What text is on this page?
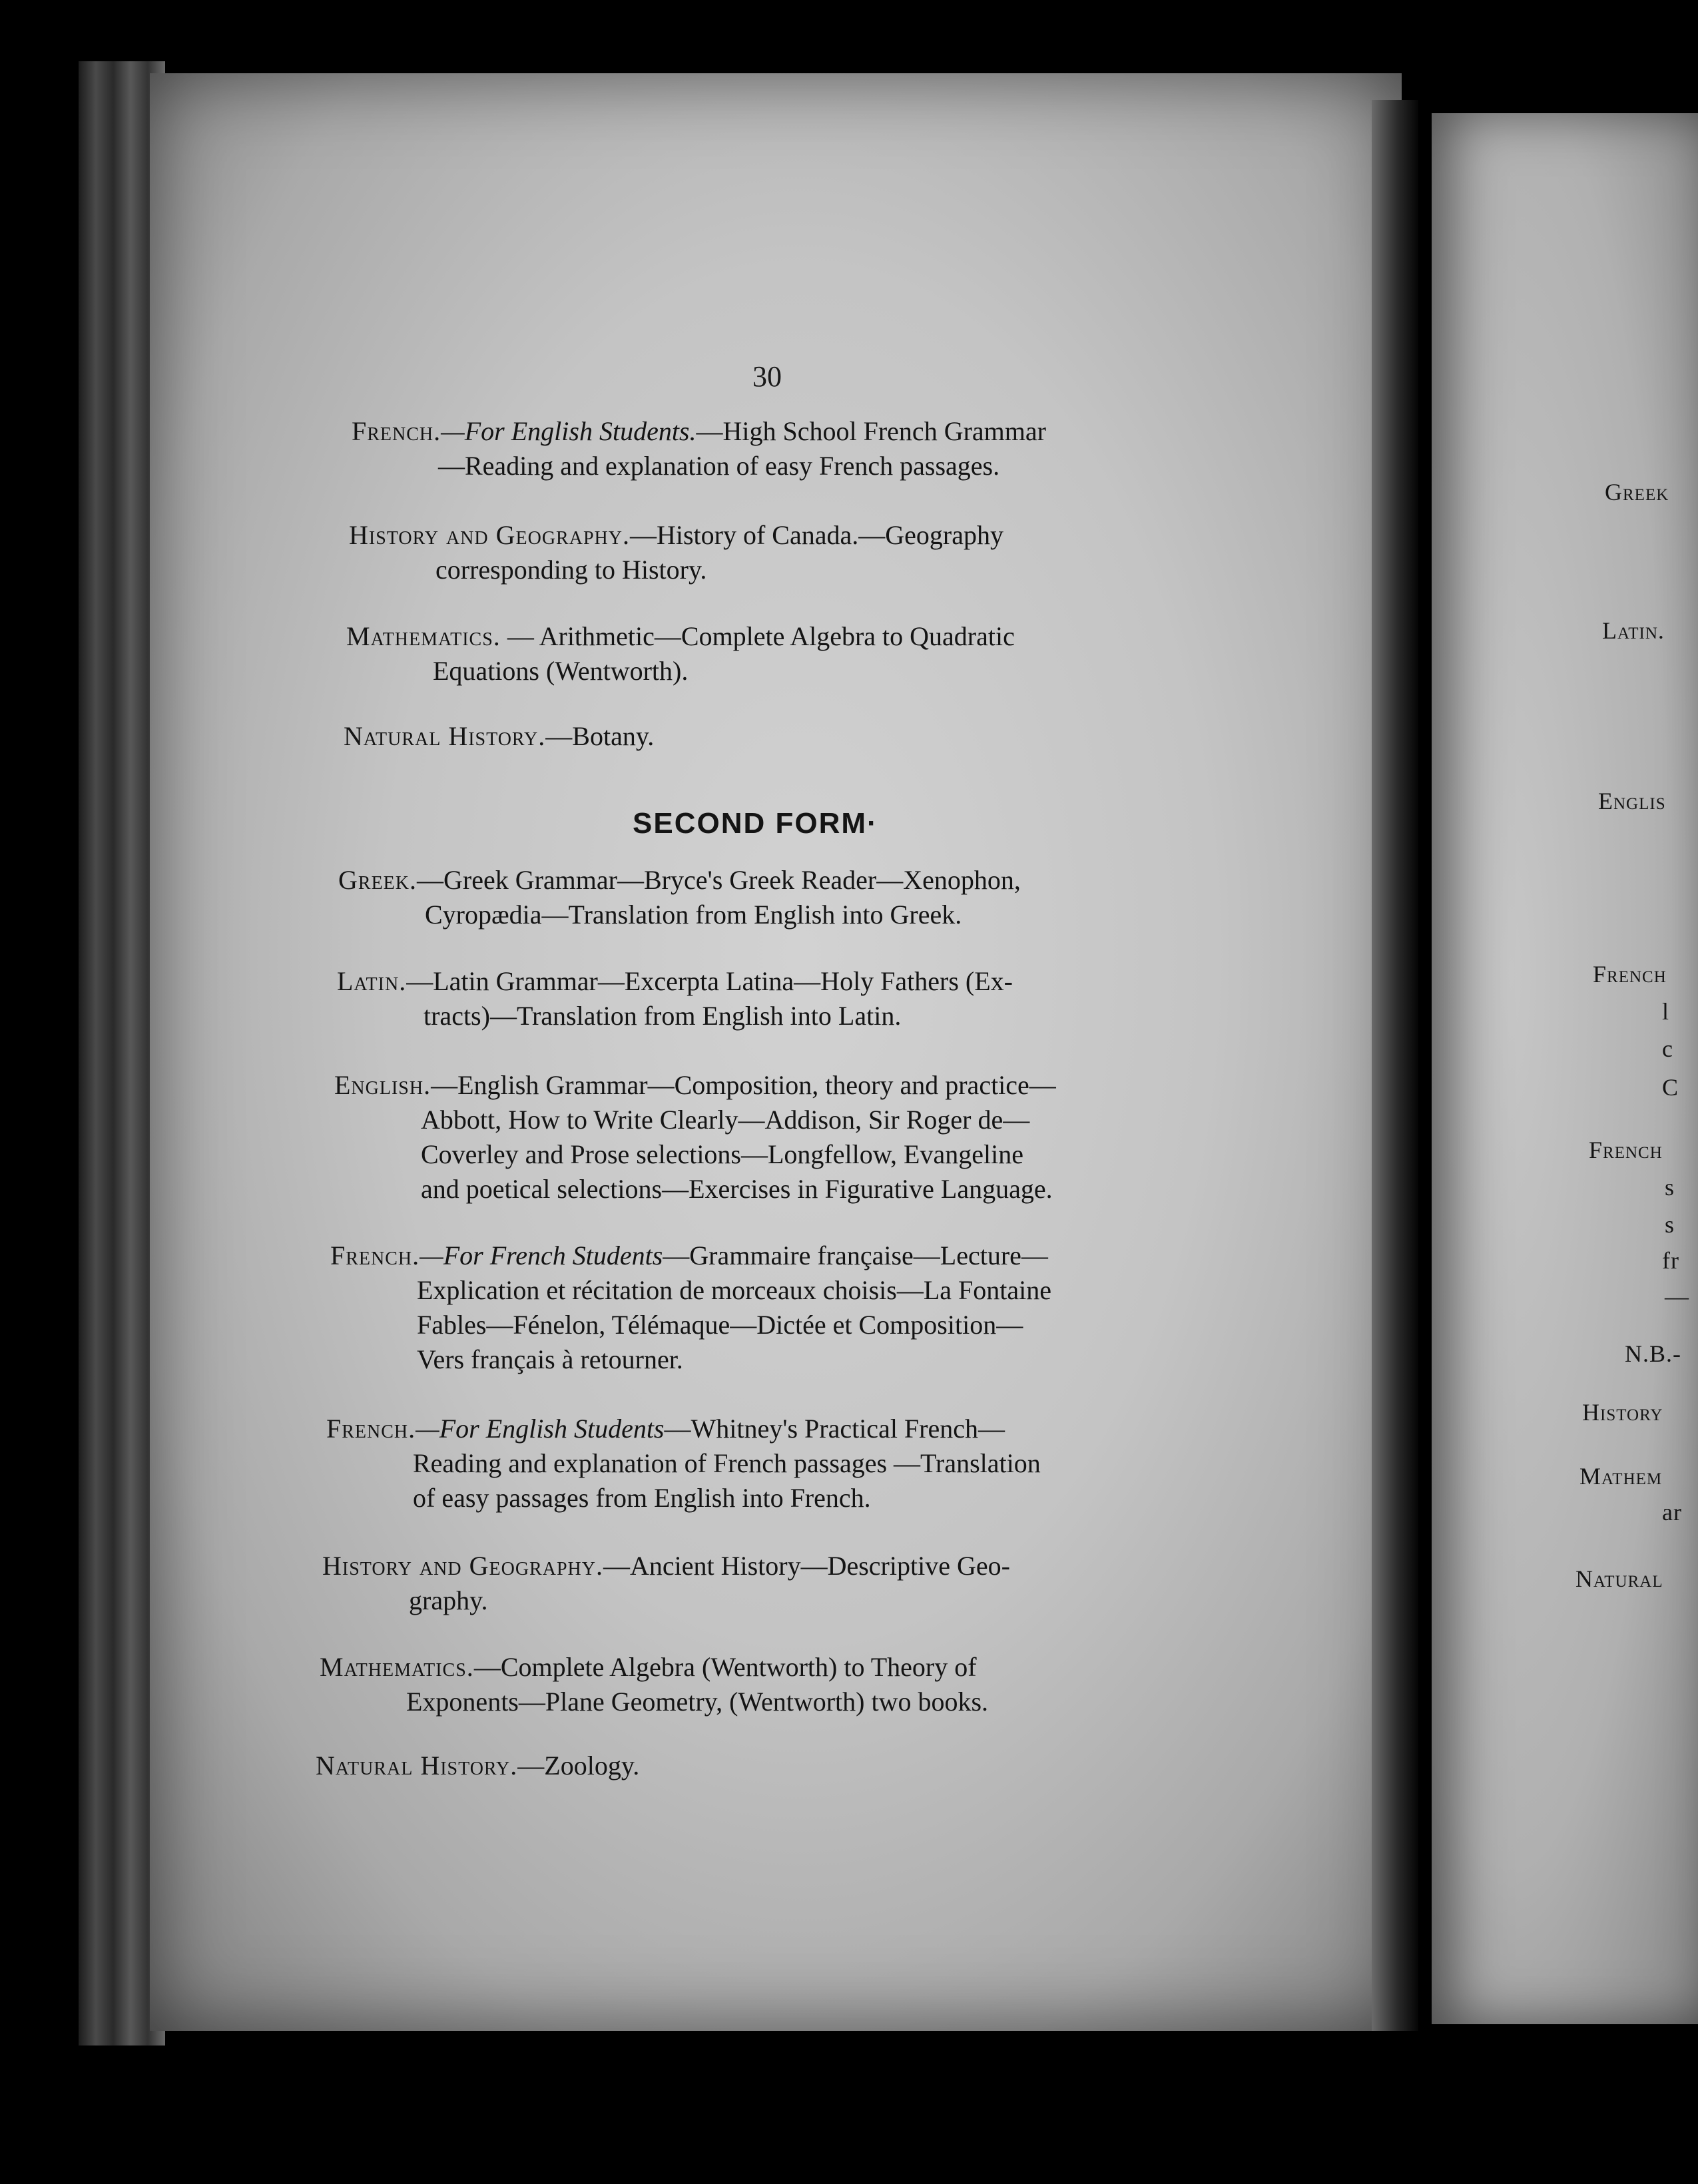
30
French.—For English Students.—High School French Grammar
—Reading and explanation of easy French passages.
History and Geography.—History of Canada.—Geography
corresponding to History.
Mathematics. — Arithmetic—Complete Algebra to Quadratic
Equations (Wentworth).
Natural History.—Botany.
SECOND FORM·
Greek.—Greek Grammar—Bryce's Greek Reader—Xenophon,
Cyropædia—Translation from English into Greek.
Latin.—Latin Grammar—Excerpta Latina—Holy Fathers (Ex-
tracts)—Translation from English into Latin.
English.—English Grammar—Composition, theory and practice—
Abbott, How to Write Clearly—Addison, Sir Roger de—
Coverley and Prose selections—Longfellow, Evangeline
and poetical selections—Exercises in Figurative Language.
French.—For French Students—Grammaire française—Lecture—
Explication et récitation de morceaux choisis—La Fontaine
Fables—Fénelon, Télémaque—Dictée et Composition—
Vers français à retourner.
French.—For English Students—Whitney's Practical French—
Reading and explanation of French passages —Translation
of easy passages from English into French.
History and Geography.—Ancient History—Descriptive Geo-
graphy.
Mathematics.—Complete Algebra (Wentworth) to Theory of
Exponents—Plane Geometry, (Wentworth) two books.
Natural History.—Zoology.
Greek
Latin.
Englis
French
l
c
C
French
s
s
fr
—
N.B.-
History
Mathem
ar
Natural
